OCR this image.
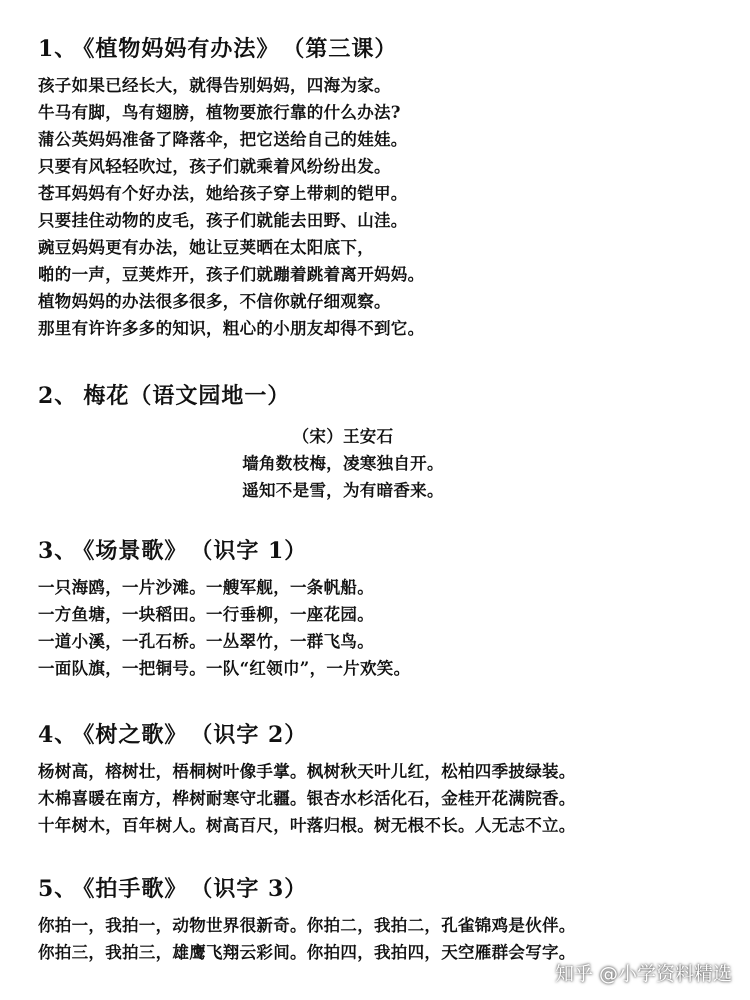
1、 《植物妈妈有办法》 （第三课）
孩子如果已经长大，就得告别妈妈，四海为家。
牛马有脚，鸟有翅膀，植物要旅行靠的什么办法?
蒲公英妈妈准备了降落伞，把它送给自己的娃娃。
只要有风轻轻吹过，孩子们就乘着风纷纷出发。
苍耳妈妈有个好办法，她给孩子穿上带刺的铠甲。
只要挂住动物的皮毛，孩子们就能去田野、山洼。
豌豆妈妈更有办法，她让豆荚晒在太阳底下，
啪的一声，豆荚炸开，孩子们就蹦着跳着离开妈妈。
植物妈妈的办法很多很多，不信你就仔细观察。
那里有许许多多的知识，粗心的小朋友却得不到它。
2、 梅花（语文园地一）
（宋）王安石
墙角数枝梅，凌寒独自开。
遥知不是雪，为有暗香来。
3、 《场景歌》 （识字 1）
一只海鸥，一片沙滩。一艘军舰，一条帆船。
一方鱼塘，一块稻田。一行垂柳，一座花园。
一道小溪，一孔石桥。一丛翠竹，一群飞鸟。
一面队旗，一把铜号。一队“红领巾”，一片欢笑。
4、 《树之歌》 （识字 2）
杨树高，榕树壮，梧桐树叶像手掌。枫树秋天叶儿红，松柏四季披绿装。
木棉喜暖在南方，桦树耐寒守北疆。银杏水杉活化石，金桂开花满院香。
十年树木，百年树人。树高百尺，叶落归根。树无根不长。人无志不立。
5、 《拍手歌》 （识字 3）
你拍一，我拍一，动物世界很新奇。你拍二，我拍二，孔雀锦鸡是伙伴。
你拍三，我拍三，雄鹰飞翔云彩间。你拍四，我拍四，天空雁群会写字。
知乎 @小学资料精选
